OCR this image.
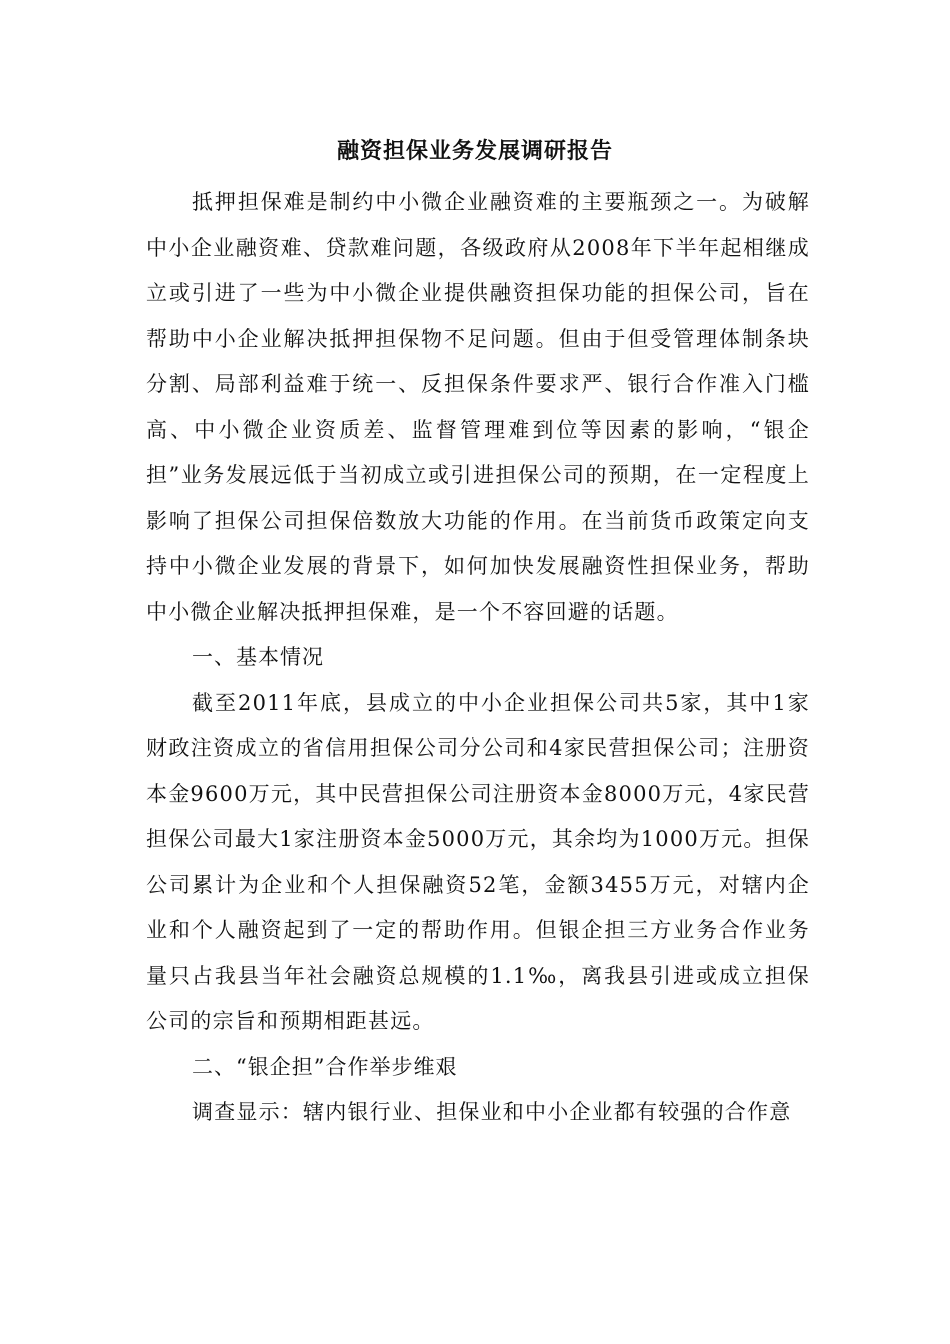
融资担保业务发展调研报告

抵押担保难是制约中小微企业融资难的主要瓶颈之一。为破解中小企业融资难、贷款难问题，各级政府从2008年下半年起相继成立或引进了一些为中小微企业提供融资担保功能的担保公司，旨在帮助中小企业解决抵押担保物不足问题。但由于但受管理体制条块分割、局部利益难于统一、反担保条件要求严、银行合作准入门槛高、中小微企业资质差、监督管理难到位等因素的影响，“银企担”业务发展远低于当初成立或引进担保公司的预期，在一定程度上影响了担保公司担保倍数放大功能的作用。在当前货币政策定向支持中小微企业发展的背景下，如何加快发展融资性担保业务，帮助中小微企业解决抵押担保难，是一个不容回避的话题。

一、基本情况

截至2011年底，县成立的中小企业担保公司共5家，其中1家财政注资成立的省信用担保公司分公司和4家民营担保公司；注册资本金9600万元，其中民营担保公司注册资本金8000万元，4家民营担保公司最大1家注册资本金5000万元，其余均为1000万元。担保公司累计为企业和个人担保融资52笔，金额3455万元，对辖内企业和个人融资起到了一定的帮助作用。但银企担三方业务合作业务量只占我县当年社会融资总规模的1.1‰，离我县引进或成立担保公司的宗旨和预期相距甚远。

二、“银企担”合作举步维艰

调查显示：辖内银行业、担保业和中小企业都有较强的合作意
